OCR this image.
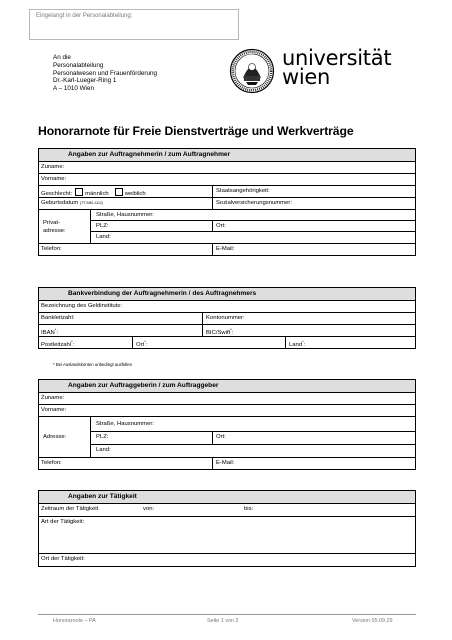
Eingelangt in der Personalabteilung:
An die
Personalabteilung
Personalwesen und Frauenförderung
Dr.-Karl-Lueger-Ring 1
A – 1010 Wien
universität
wien
Honorarnote für Freie Dienstverträge und Werkverträge
Angaben zur Auftragnehmerin / zum Auftragnehmer
Zuname:
Vorname:
Geschlecht: männlich	weiblich	Staatsangehörigkeit:
Geburtsdatum (TT.MM.JJJJ)	Sozialversicherungsnummer:
Privat-
adresse:
Straße, Hausnummer:
PLZ:	Ort:
Land:
Telefon:	E-Mail:
Bankverbindung der Auftragnehmerin / des Auftragnehmers
Bezeichnung des Geldinstituts:
Bankleitzahl:	Kontonummer:
IBAN*:	BIC/Swift*:
Postleitzahl*:	Ort*:	Land*:
* Bei Auslandskonten unbedingt ausfüllen
Angaben zur Auftraggeberin / zum Auftraggeber
Zuname:
Vorname:
Adresse:
Straße, Hausnummer:
PLZ:	Ort:
Land:
Telefon:	E-Mail:
Angaben zur Tätigkeit
Zeitraum der Tätigkeit	von:	bis:
Art der Tätigkeit:
Ort der Tätigkeit:
Honorarnote – PA	Seite 1 von 2	Version 05.09.29
